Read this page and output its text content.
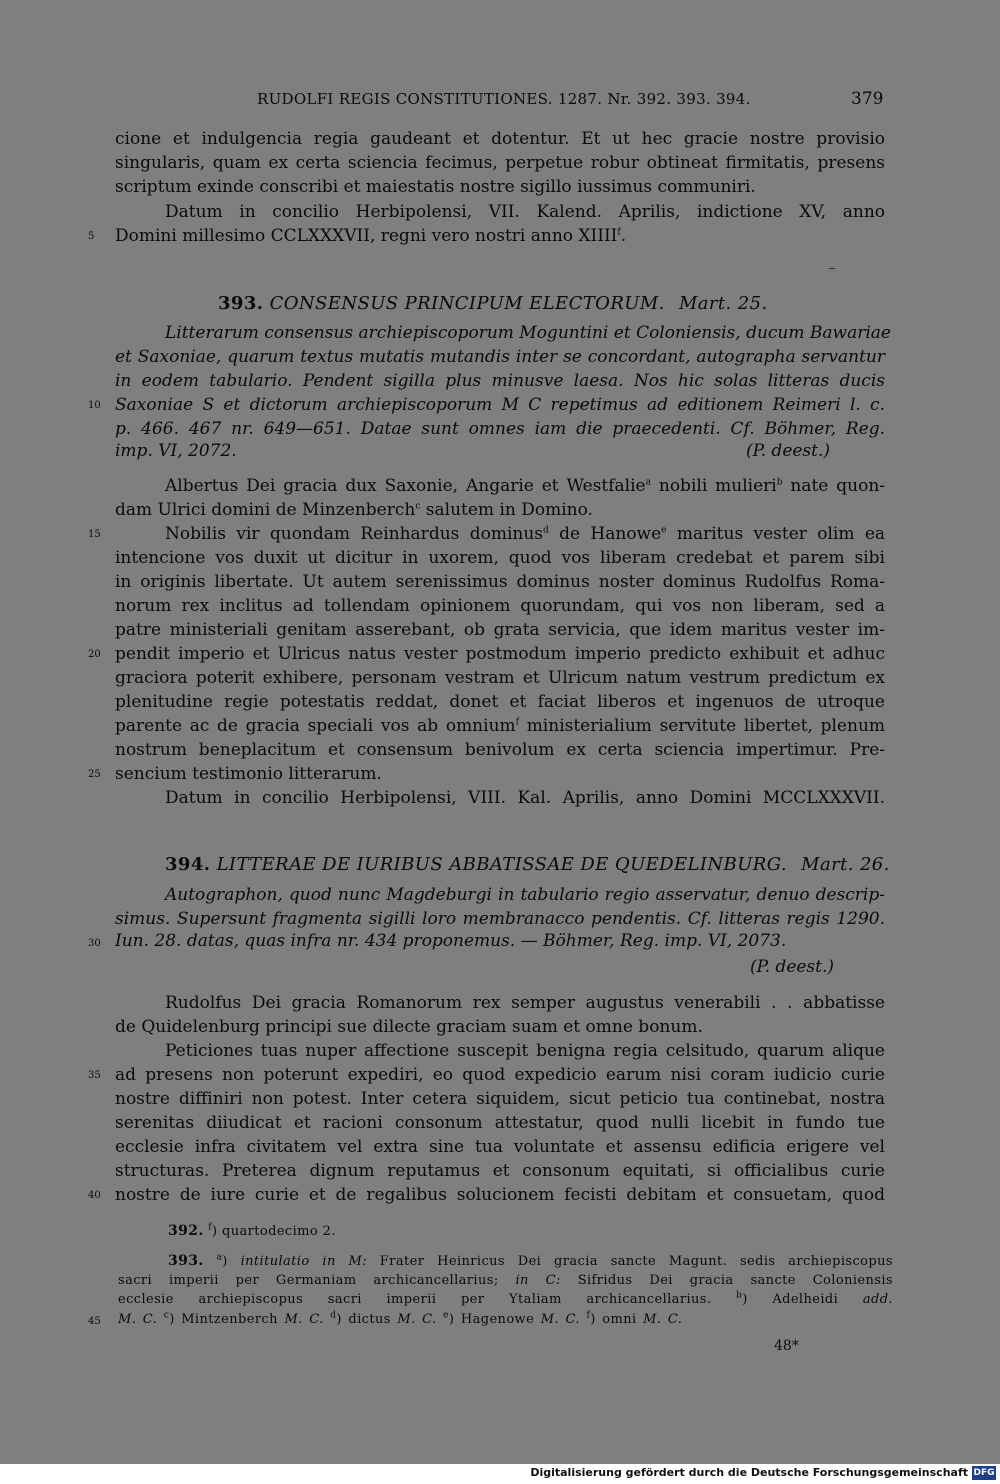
RUDOLFI REGIS CONSTITUTIONES. 1287. Nr. 392. 393. 394.	379
cione et indulgencia regia gaudeant et dotentur. Et ut hec gracie nostre provisio
singularis, quam ex certa sciencia fecimus, perpetue robur obtineat firmitatis, presens
scriptum exinde conscribi et maiestatis nostre sigillo iussimus communiri.
Datum in concilio Herbipolensi, VII. Kalend. Aprilis, indictione XV, anno
Domini millesimo CCLXXXVII, regni vero nostri anno XIIII$^f$.
5
393. CONSENSUS PRINCIPUM ELECTORUM. Mart. 25.
Litterarum consensus archiepiscoporum Moguntini et Coloniensis, ducum Bawariae
et Saxoniae, quarum textus mutatis mutandis inter se concordant, autographa servantur
in eodem tabulario. Pendent sigilla plus minusve laesa. Nos hic solas litteras ducis
Saxoniae S et dictorum archiepiscoporum M C repetimus ad editionem Reimeri l. c.
10
p. 466. 467 nr. 649—651. Datae sunt omnes iam die praecedenti. Cf. Böhmer, Reg.
imp. VI, 2072.	(P. deest.)
Albertus Dei gracia dux Saxonie, Angarie et Westfalie$^a$ nobili mulieri$^b$ nate quon-
dam Ulrici domini de Minzenberch$^c$ salutem in Domino.
15	Nobilis vir quondam Reinhardus dominus$^d$ de Hanowe$^e$ maritus vester olim ea
intencione vos duxit ut dicitur in uxorem, quod vos liberam credebat et parem sibi
in originis libertate. Ut autem serenissimus dominus noster dominus Rudolfus Roma-
norum rex inclitus ad tollendam opinionem quorundam, qui vos non liberam, sed a
patre ministeriali genitam asserebant, ob grata servicia, que idem maritus vester im-
20 pendit imperio et Ulricus natus vester postmodum imperio predicto exhibuit et adhuc
graciora poterit exhibere, personam vestram et Ulricum natum vestrum predictum ex
plenitudine regie potestatis reddat, donet et faciat liberos et ingenuos de utroque
parente ac de gracia speciali vos ab omnium$^f$ ministerialium servitute libertet, plenum
nostrum beneplacitum et consensum benivolum ex certa sciencia impertimur. Pre-
25 sencium testimonio litterarum.
Datum in concilio Herbipolensi, VIII. Kal. Aprilis, anno Domini MCCLXXXVII.
394. LITTERAE DE IURIBUS ABBATISSAE DE QUEDELINBURG. Mart. 26.
Autographon, quod nunc Magdeburgi in tabulario regio asservatur, denuo descrip-
simus. Supersunt fragmenta sigilli loro membranacco pendentis. Cf. litteras regis 1290.
30 Iun. 28. datas, quas infra nr. 434 proponemus. — Böhmer, Reg. imp. VI, 2073.
(P. deest.)
Rudolfus Dei gracia Romanorum rex semper augustus venerabili . . abbatisse
de Quidelenburg principi sue dilecte graciam suam et omne bonum.
Peticiones tuas nuper affectione suscepit benigna regia celsitudo, quarum alique
35 ad presens non poterunt expediri, eo quod expedicio earum nisi coram iudicio curie
nostre diffiniri non potest. Inter cetera siquidem, sicut peticio tua continebat, nostra
serenitas diiudicat et racioni consonum attestatur, quod nulli licebit in fundo tue
ecclesie infra civitatem vel extra sine tua voluntate et assensu edificia erigere vel
structuras. Preterea dignum reputamus et consonum equitati, si officialibus curie
40 nostre de iure curie et de regalibus solucionem fecisti debitam et consuetam, quod
392. $^f$) quartodecimo 2.
393. $^a$) intitulatio in M: Frater Heinricus Dei gracia sancte Magunt. sedis archiepiscopus
sacri imperii per Germaniam archicancellarius; in C: Sifridus Dei gracia sancte Coloniensis
ecclesie archiepiscopus sacri imperii per Ytaliam archicancellarius.	$^b$) Adelheidi add.
45 M. C. $^c$) Mintzenberch M. C. $^d$) dictus M. C. $^e$) Hagenowe M. C. $^f$) omni M. C.
48*
Digitalisierung gefördert durch die Deutsche Forschungsgemeinschaft DFG
